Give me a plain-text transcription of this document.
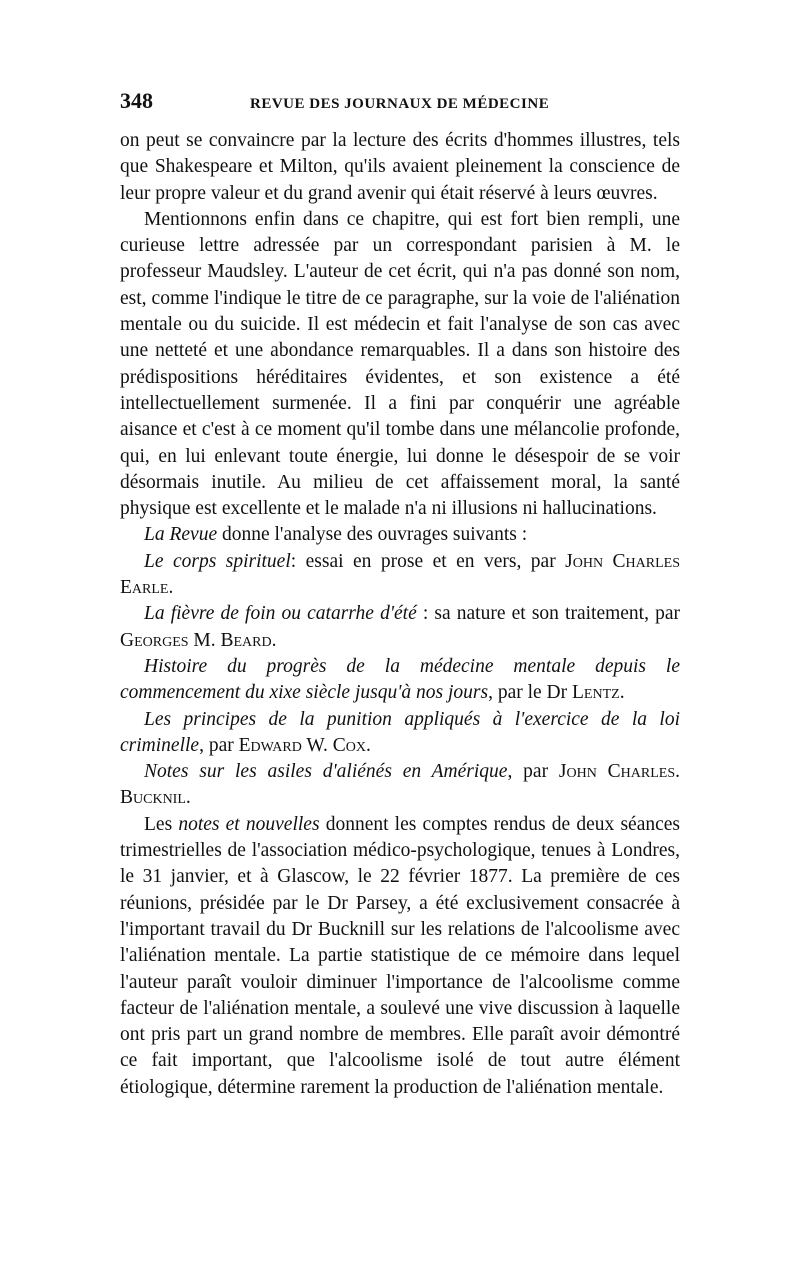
348	REVUE DES JOURNAUX DE MÉDECINE

on peut se convaincre par la lecture des écrits d'hommes illustres, tels que Shakespeare et Milton, qu'ils avaient pleinement la conscience de leur propre valeur et du grand avenir qui était réservé à leurs œuvres.

Mentionnons enfin dans ce chapitre, qui est fort bien rempli, une curieuse lettre adressée par un correspondant parisien à M. le professeur Maudsley. L'auteur de cet écrit, qui n'a pas donné son nom, est, comme l'indique le titre de ce paragraphe, sur la voie de l'aliénation mentale ou du suicide. Il est médecin et fait l'analyse de son cas avec une netteté et une abondance remarquables. Il a dans son histoire des prédispositions héréditaires évidentes, et son existence a été intellectuellement surmenée. Il a fini par conquérir une agréable aisance et c'est à ce moment qu'il tombe dans une mélancolie profonde, qui, en lui enlevant toute énergie, lui donne le désespoir de se voir désormais inutile. Au milieu de cet affaissement moral, la santé physique est excellente et le malade n'a ni illusions ni hallucinations.

La Revue donne l'analyse des ouvrages suivants :

Le corps spirituel: essai en prose et en vers, par John Charles Earle.

La fièvre de foin ou catarrhe d'été : sa nature et son traitement, par Georges M. Beard.

Histoire du progrès de la médecine mentale depuis le commencement du xixe siècle jusqu'à nos jours, par le Dr Lentz.

Les principes de la punition appliqués à l'exercice de la loi criminelle, par Edward W. Cox.

Notes sur les asiles d'aliénés en Amérique, par John Charles. Bucknil.

Les notes et nouvelles donnent les comptes rendus de deux séances trimestrielles de l'association médico-psychologique, tenues à Londres, le 31 janvier, et à Glascow, le 22 février 1877. La première de ces réunions, présidée par le Dr Parsey, a été exclusivement consacrée à l'important travail du Dr Bucknill sur les relations de l'alcoolisme avec l'aliénation mentale. La partie statistique de ce mémoire dans lequel l'auteur paraît vouloir diminuer l'importance de l'alcoolisme comme facteur de l'aliénation mentale, a soulevé une vive discussion à laquelle ont pris part un grand nombre de membres. Elle paraît avoir démontré ce fait important, que l'alcoolisme isolé de tout autre élément étiologique, détermine rarement la production de l'aliénation mentale.
